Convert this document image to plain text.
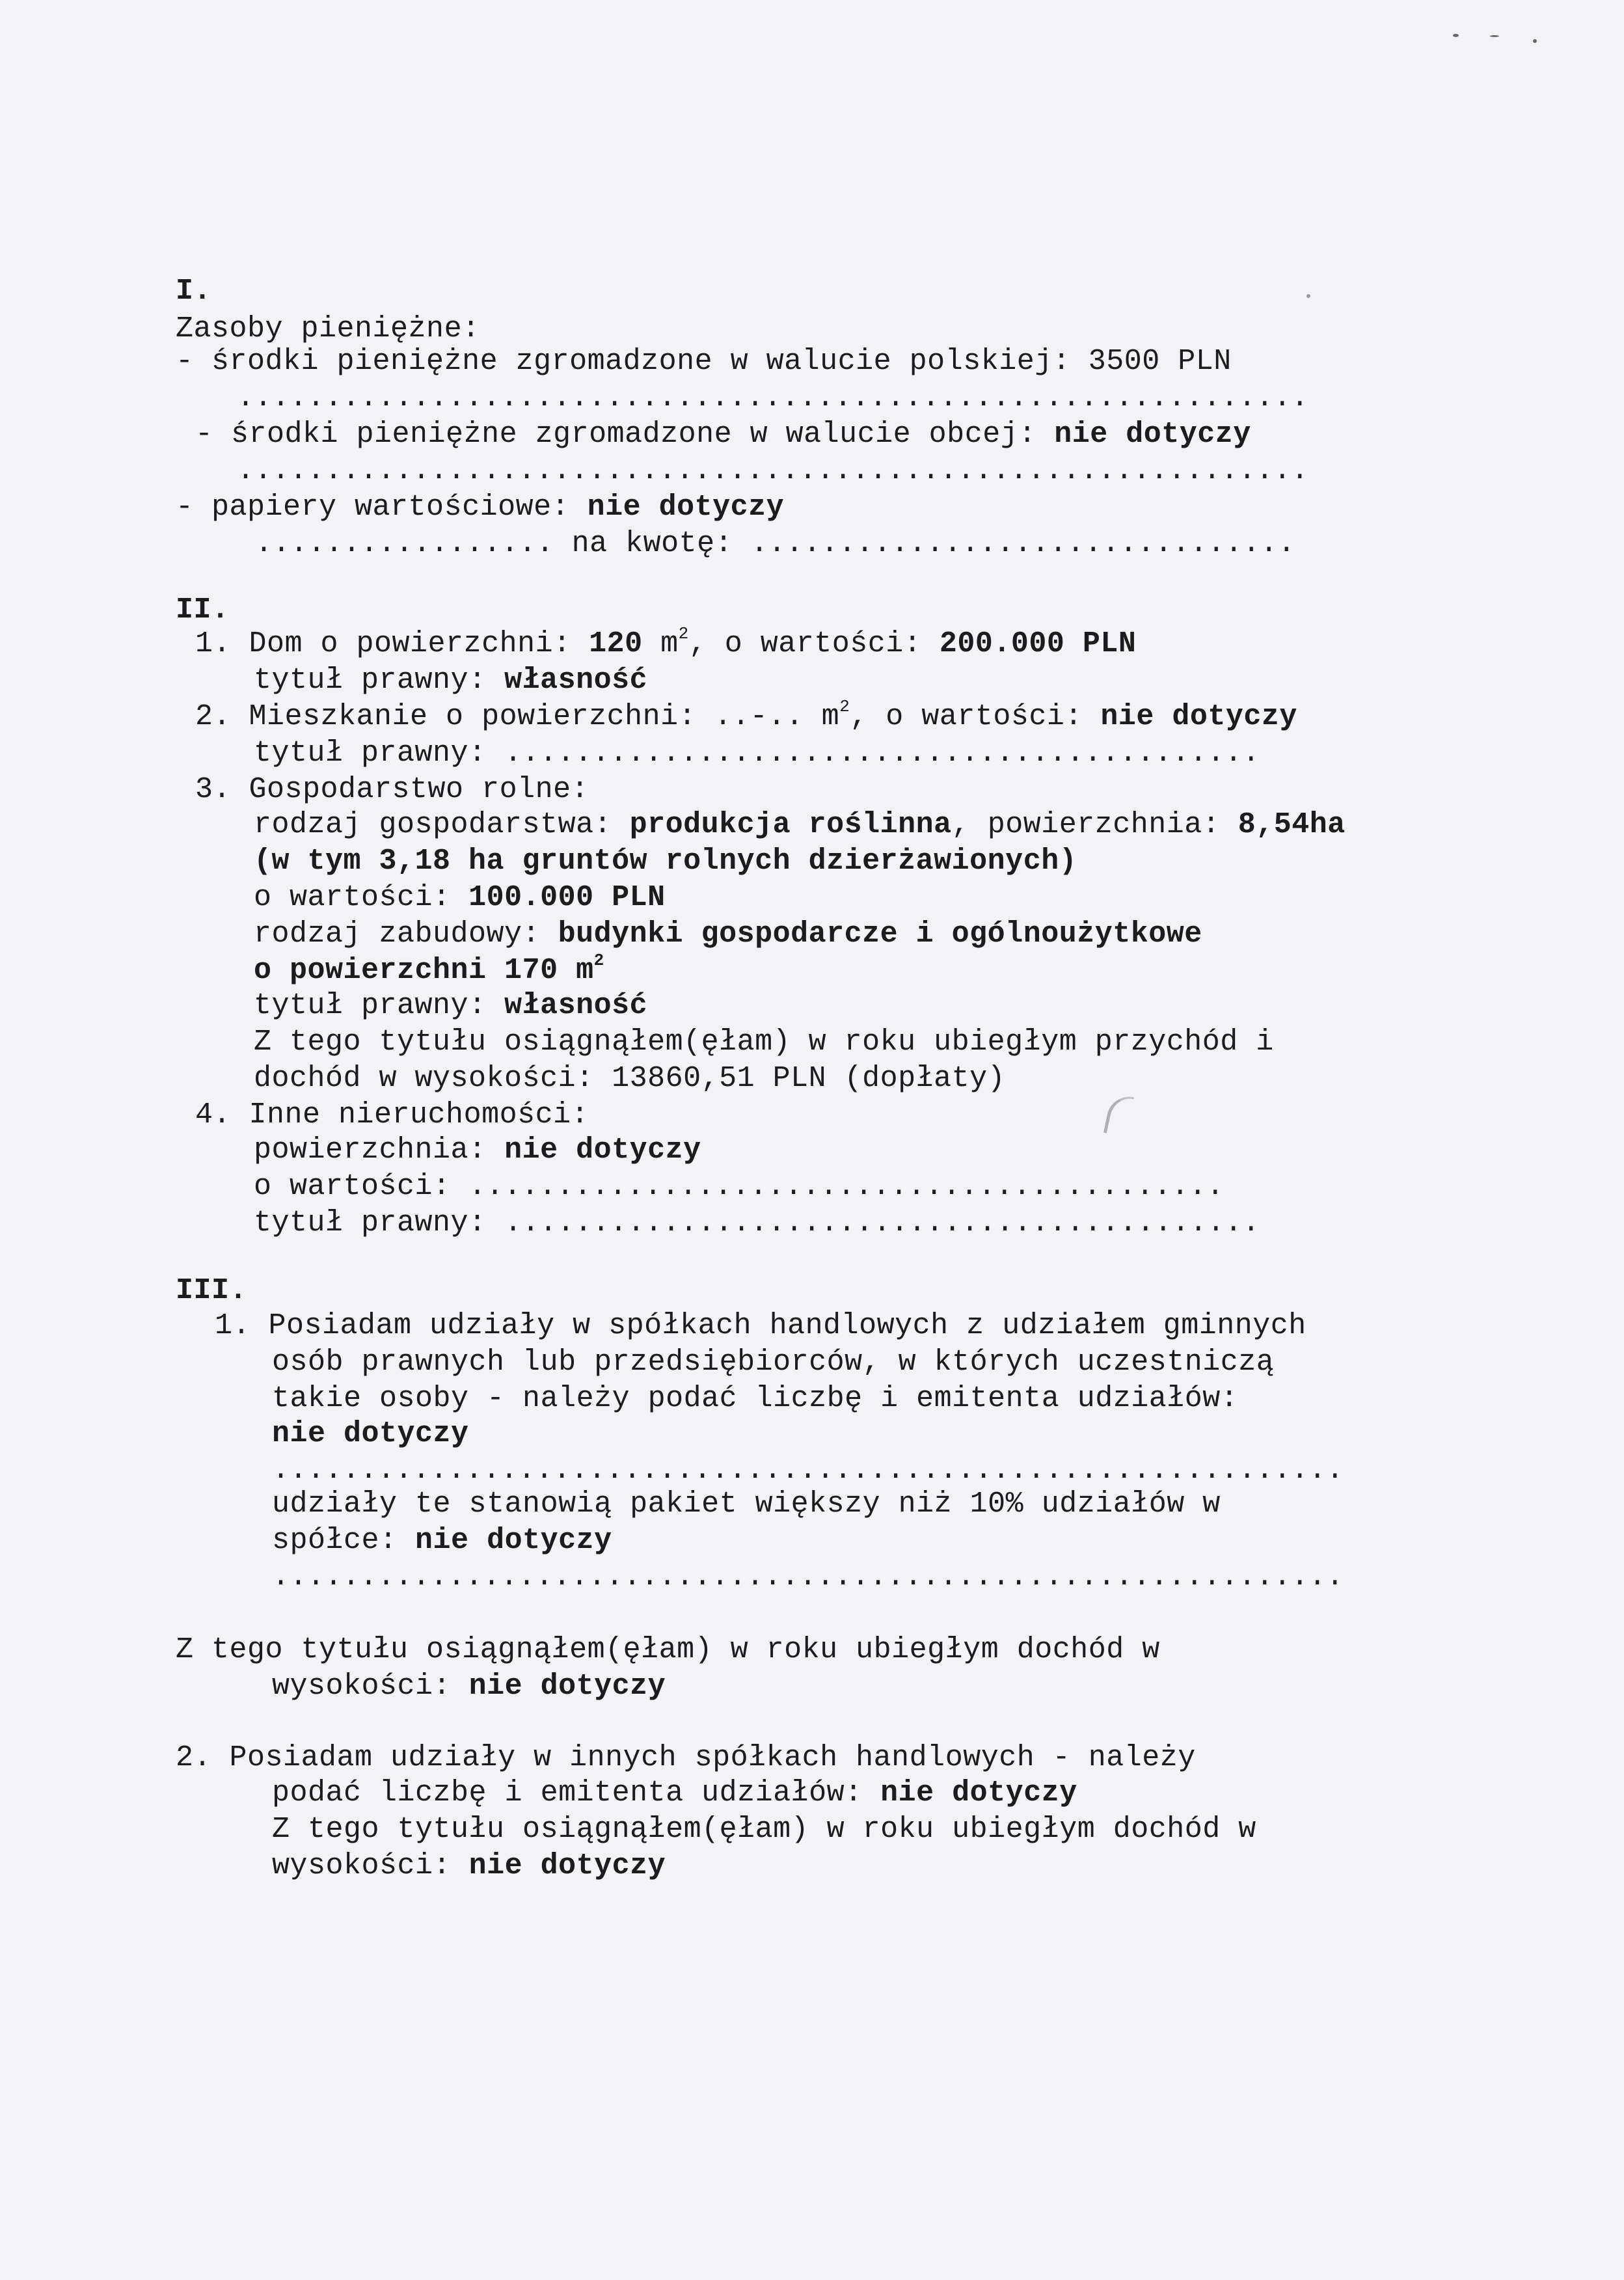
I.
Zasoby pieniężne:
- środki pieniężne zgromadzone w walucie polskiej: 3500 PLN
.............................................................
- środki pieniężne zgromadzone w walucie obcej: nie dotyczy
.............................................................
- papiery wartościowe: nie dotyczy
................. na kwotę: ...............................
II.
1. Dom o powierzchni: 120 $m^2$, o wartości: 200.000 PLN
tytuł prawny: własność
2. Mieszkanie o powierzchni: ..-.. $m^2$, o wartości: nie dotyczy
tytuł prawny: ...........................................
3. Gospodarstwo rolne:
rodzaj gospodarstwa: produkcja roślinna, powierzchnia: 8,54ha
(w tym 3,18 ha gruntów rolnych dzierżawionych)
o wartości: 100.000 PLN
rodzaj zabudowy: budynki gospodarcze i ogólnoużytkowe
o powierzchni 170 $m^2$
tytuł prawny: własność
Z tego tytułu osiągnąłem(ęłam) w roku ubiegłym przychód i
dochód w wysokości: 13860,51 PLN (dopłaty)
4. Inne nieruchomości:
powierzchnia: nie dotyczy
o wartości: ...........................................
tytuł prawny: ...........................................
III.
1. Posiadam udziały w spółkach handlowych z udziałem gminnych
osób prawnych lub przedsiębiorców, w których uczestniczą
takie osoby - należy podać liczbę i emitenta udziałów:
nie dotyczy
.............................................................
udziały te stanowią pakiet większy niż 10% udziałów w
spółce: nie dotyczy
.............................................................
Z tego tytułu osiągnąłem(ęłam) w roku ubiegłym dochód w
wysokości: nie dotyczy
2. Posiadam udziały w innych spółkach handlowych - należy
podać liczbę i emitenta udziałów: nie dotyczy
Z tego tytułu osiągnąłem(ęłam) w roku ubiegłym dochód w
wysokości: nie dotyczy
